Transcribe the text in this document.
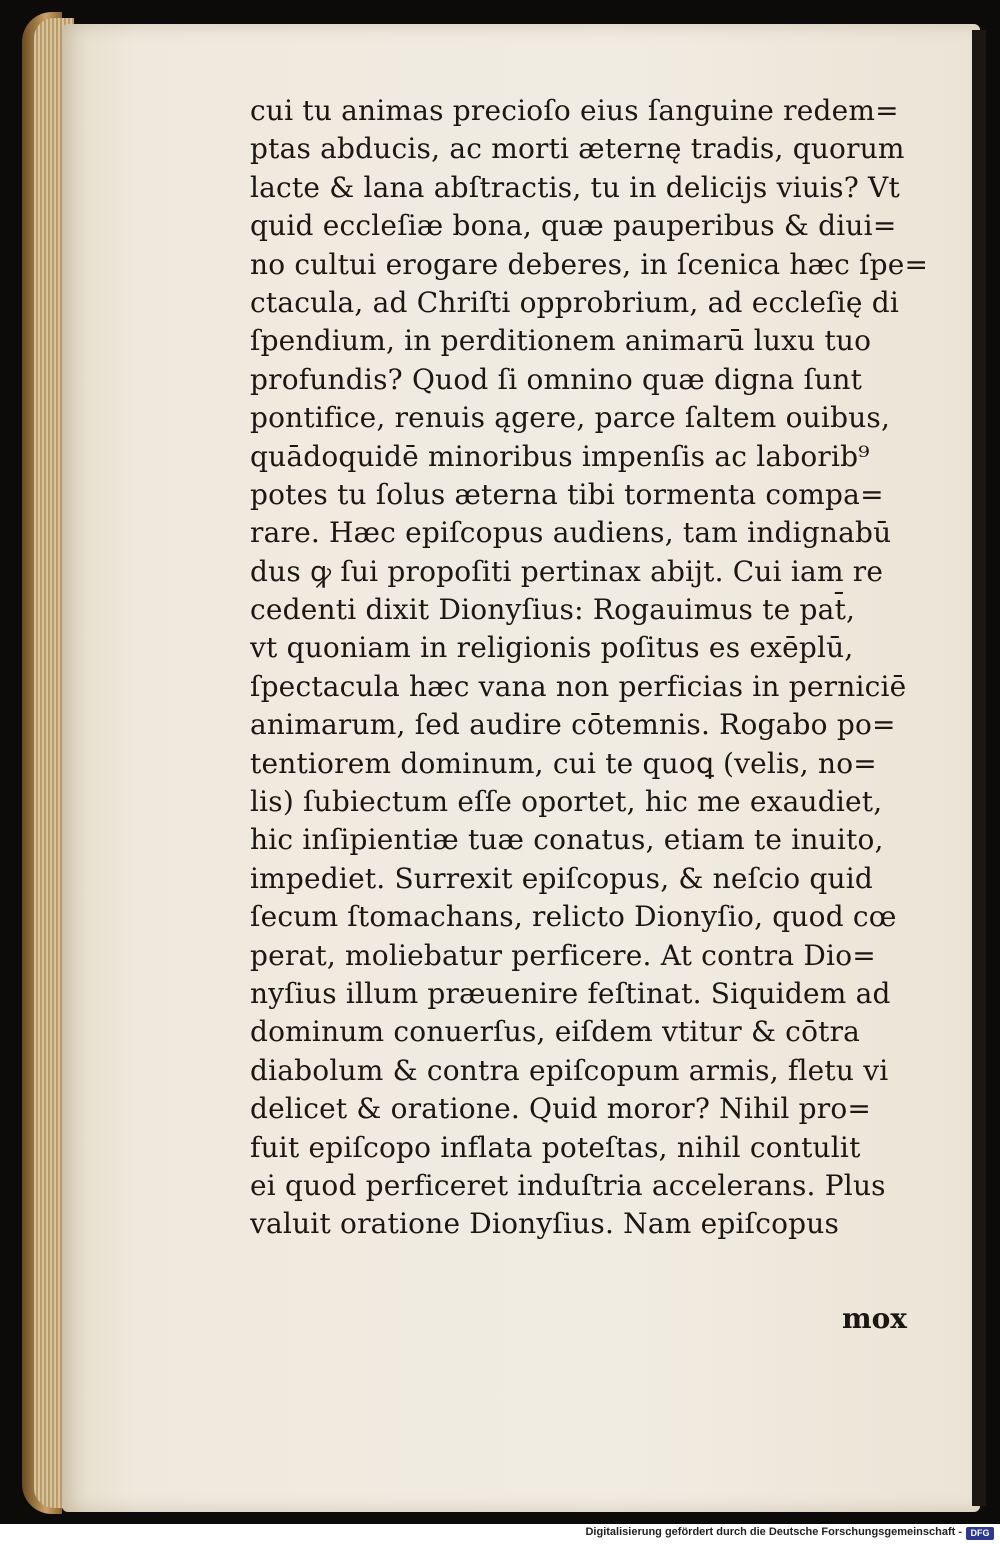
cui tu animas precioſo eius ſanguine redem=
ptas abducis, ac morti æternę tradis, quorum
lacte & lana abſtractis, tu in delicijs viuis? Vt
quid eccleſiæ bona, quæ pauperibus & diui=
no cultui erogare deberes, in ſcenica hæc ſpe=
ctacula, ad Chriſti opprobrium, ad eccleſię di
ſpendium, in perditionem animarū luxu tuo
profundis? Quod ſi omnino quæ digna ſunt
pontifice, renuis ągere, parce ſaltem ouibus,
quādoquidē minoribus impenſis ac laborib⁹
potes tu ſolus æterna tibi tormenta compa=
rare. Hæc epiſcopus audiens, tam indignabū
dus ꝙ ſui propoſiti pertinax abijt. Cui iam re
cedenti dixit Dionyſius: Rogauimus te pat̄,
vt quoniam in religionis poſitus es exēplū,
ſpectacula hæc vana non perficias in perniciē
animarum, ſed audire cōtemnis. Rogabo po=
tentiorem dominum, cui te quoꝗ (velis, no=
lis) ſubiectum eſſe oportet, hic me exaudiet,
hic inſipientiæ tuæ conatus, etiam te inuito,
impediet. Surrexit epiſcopus, & neſcio quid
ſecum ſtomachans, relicto Dionyſio, quod cœ
perat, moliebatur perficere. At contra Dio=
nyſius illum præuenire feſtinat. Siquidem ad
dominum conuerſus, eiſdem vtitur & cōtra
diabolum & contra epiſcopum armis, fletu vi
delicet & oratione. Quid moror? Nihil pro=
fuit epiſcopo inflata poteſtas, nihil contulit
ei quod perficeret induſtria accelerans. Plus
valuit oratione Dionyſius. Nam epiſcopus
mox
Digitalisierung gefördert durch die Deutsche Forschungsgemeinschaft - DFG
